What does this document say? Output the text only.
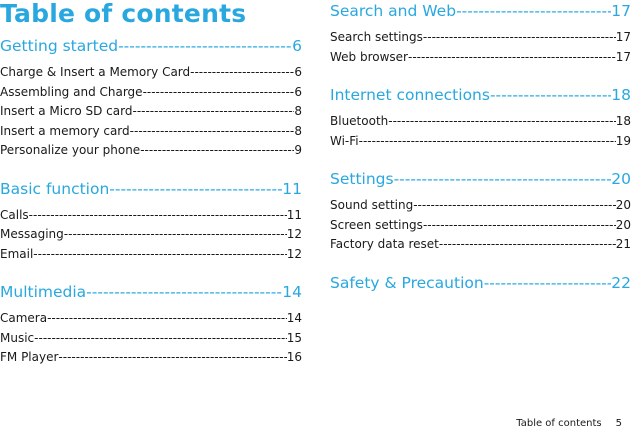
Table of contents
Getting started -----	6
Charge & Insert a Memory Card -----	6
Assembling and Charge -----	6
Insert a Micro SD card -----	8
Insert a memory card -----	8
Personalize your phone -----	9
Basic function -----	11
Calls -----	11
Messaging -----	12
Email -----	12
Multimedia -----	14
Camera -----	14
Music -----	15
FM Player -----	16
Search and Web -----	17
Search settings -----	17
Web browser -----	17
Internet connections -----	18
Bluetooth -----	18
Wi-Fi -----	19
Settings -----	20
Sound setting -----	20
Screen settings -----	20
Factory data reset -----	21
Safety & Precaution -----	22
Table of contents 5
